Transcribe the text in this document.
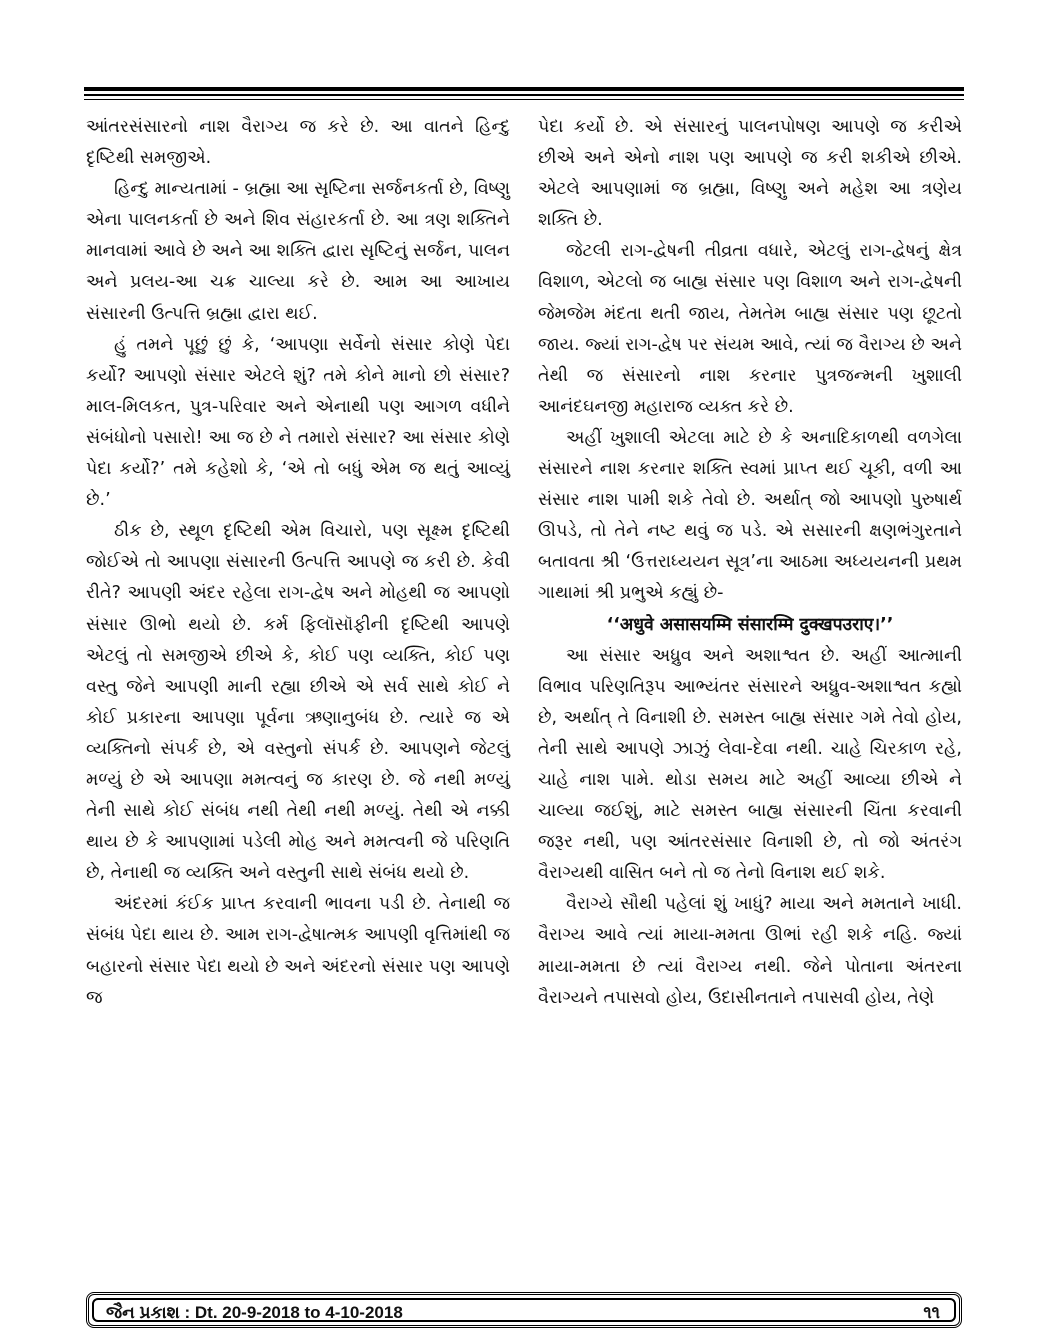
આંતરસંસારનો નાશ વૈરાગ્ય જ કરે છે. આ વાતને હિન્દુ દૃષ્ટિથી સમજીએ.

હિન્દુ માન્યતામાં - બ્રહ્મા આ સૃષ્ટિના સર્જનકર્તા છે, વિષ્ણુ એના પાલનકર્તા છે અને શિવ સંહારકર્તા છે. આ ત્રણ શક્તિને માનવામાં આવે છે અને આ શક્તિ દ્વારા સૃષ્ટિનું સર્જન, પાલન અને પ્રલય-આ ચક્ર ચાલ્યા કરે છે. આમ આ આખાય સંસારની ઉત્પત્તિ બ્રહ્મા દ્વારા થઈ.

હું તમને પૂછું છું કે, ‘આપણા સર્વેનો સંસાર કોણે પેદા કર્યો? આપણો સંસાર એટલે શું? તમે કોને માનો છો સંસાર? માલ-મિલકત, પુત્ર-પરિવાર અને એનાથી પણ આગળ વધીને સંબંધોનો પસારો! આ જ છે ને તમારો સંસાર? આ સંસાર કોણે પેદા કર્યો?’ તમે કહેશો કે, ‘એ તો બધું એમ જ થતું આવ્યું છે.’

ઠીક છે, સ્થૂળ દૃષ્ટિથી એમ વિચારો, પણ સૂક્ષ્મ દૃષ્ટિથી જોઈએ તો આપણા સંસારની ઉત્પત્તિ આપણે જ કરી છે. કેવી રીતે? આપણી અંદર રહેલા રાગ-દ્વેષ અને મોહથી જ આપણો સંસાર ઊભો થયો છે. કર્મ ફિલૉસૉફીની દૃષ્ટિથી આપણે એટલું તો સમજીએ છીએ કે, કોઈ પણ વ્યક્તિ, કોઈ પણ વસ્તુ જેને આપણી માની રહ્યા છીએ એ સર્વ સાથે કોઈ ને કોઈ પ્રકારના આપણા પૂર્વના ઋણાનુબંધ છે. ત્યારે જ એ વ્યક્તિનો સંપર્ક છે, એ વસ્તુનો સંપર્ક છે. આપણને જેટલું મળ્યું છે એ આપણા મમત્વનું જ કારણ છે. જે નથી મળ્યું તેની સાથે કોઈ સંબંધ નથી તેથી નથી મળ્યું. તેથી એ નક્કી થાય છે કે આપણામાં પડેલી મોહ અને મમત્વની જે પરિણતિ છે, તેનાથી જ વ્યક્તિ અને વસ્તુની સાથે સંબંધ થયો છે.

અંદરમાં કંઈક પ્રાપ્ત કરવાની ભાવના પડી છે. તેનાથી જ સંબંધ પેદા થાય છે. આમ રાગ-દ્વેષાત્મક આપણી વૃત્તિમાંથી જ બહારનો સંસાર પેદા થયો છે અને અંદરનો સંસાર પણ આપણે જ

પેદા કર્યો છે. એ સંસારનું પાલનપોષણ આપણે જ કરીએ છીએ અને એનો નાશ પણ આપણે જ કરી શકીએ છીએ. એટલે આપણામાં જ બ્રહ્મા, વિષ્ણુ અને મહેશ આ ત્રણેય શક્તિ છે.

જેટલી રાગ-દ્વેષની તીવ્રતા વધારે, એટલું રાગ-દ્વેષનું ક્ષેત્ર વિશાળ, એટલો જ બાહ્ય સંસાર પણ વિશાળ અને રાગ-દ્વેષની જેમજેમ મંદતા થતી જાય, તેમતેમ બાહ્ય સંસાર પણ છૂટતો જાય. જ્યાં રાગ-દ્વેષ પર સંયમ આવે, ત્યાં જ વૈરાગ્ય છે અને તેથી જ સંસારનો નાશ કરનાર પુત્રજન્મની ખુશાલી આનંદઘનજી મહારાજ વ્યક્ત કરે છે.

અહીં ખુશાલી એટલા માટે છે કે અનાદિકાળથી વળગેલા સંસારને નાશ કરનાર શક્તિ સ્વમાં પ્રાપ્ત થઈ ચૂકી, વળી આ સંસાર નાશ પામી શકે તેવો છે. અર્થાત્ જો આપણો પુરુષાર્થ ઊપડે, તો તેને નષ્ટ થવું જ પડે. એ સસારની ક્ષણભંગુરતાને બતાવતા શ્રી ‘ઉત્તરાધ્યયન સૂત્ર’ના આઠમા અધ્યયનની પ્રથમ ગાથામાં શ્રી પ્રભુએ કહ્યું છે-

‘‘अधुवे असासयम्मि संसारम्मि दुक्खपउराए।’’

આ સંસાર અધ્રુવ અને અશાશ્વત છે. અહીં આત્માની વિભાવ પરિણતિરૂપ આભ્યંતર સંસારને અધ્રુવ-અશાશ્વત કહ્યો છે, અર્થાત્ તે વિનાશી છે. સમસ્ત બાહ્ય સંસાર ગમે તેવો હોય, તેની સાથે આપણે ઝાઝું લેવા-દેવા નથી. ચાહે ચિરકાળ રહે, ચાહે નાશ પામે. થોડા સમય માટે અહીં આવ્યા છીએ ને ચાલ્યા જઈશું, માટે સમસ્ત બાહ્ય સંસારની ચિંતા કરવાની જરૂર નથી, પણ આંતરસંસાર વિનાશી છે, તો જો અંતરંગ વૈરાગ્યથી વાસિત બને તો જ તેનો વિનાશ થઈ શકે.

વૈરાગ્યે સૌથી પહેલાં શું ખાધું? માયા અને મમતાને ખાધી. વૈરાગ્ય આવે ત્યાં માયા-મમતા ઊભાં રહી શકે નહિ. જ્યાં માયા-મમતા છે ત્યાં વૈરાગ્ય નથી. જેને પોતાના અંતરના વૈરાગ્યને તપાસવો હોય, ઉદાસીનતાને તપાસવી હોય, તેણે

જૈન પ્રકાશ : Dt. 20-9-2018 to 4-10-2018	૧૧
